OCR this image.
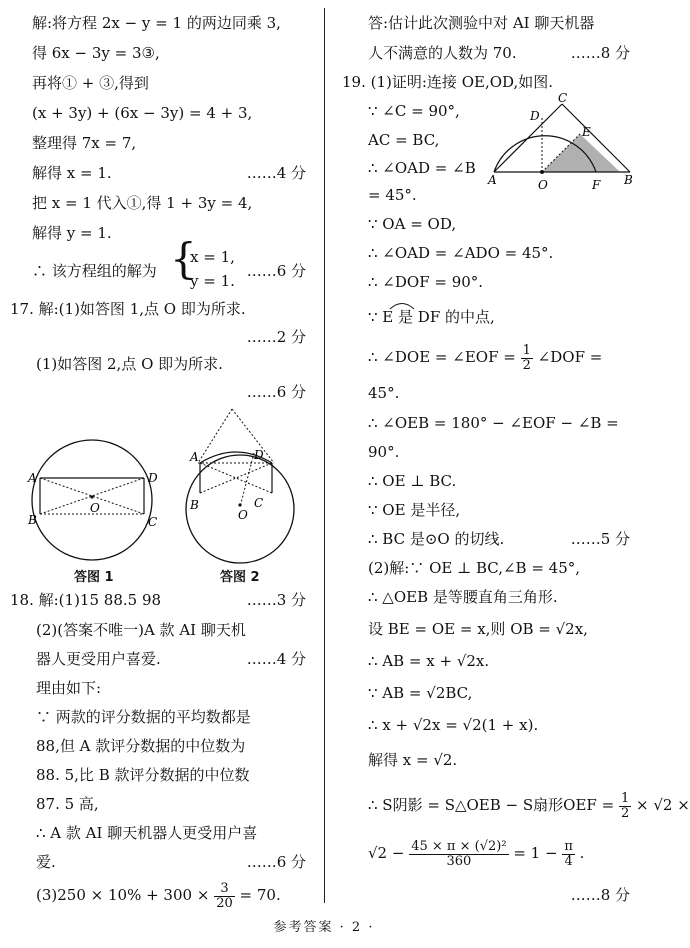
解:将方程 2x − y = 1 的两边同乘 3,
得 6x − 3y = 3③,
再将① + ③,得到
(x + 3y) + (6x − 3y) = 4 + 3,
整理得 7x = 7,
解得 x = 1.	……4 分
把 x = 1 代入①,得 1 + 3y = 4,
解得 y = 1.
∴ 该方程组的解为 {
x = 1,
y = 1.
……6 分
17. 解:(1)如答图 1,点 O 即为所求.
……2 分
(1)如答图 2,点 O 即为所求.
……6 分
A	D
B	C
O
答图 1
A	D
B	C
O
答图 2
18. 解:(1)15 88.5 98	……3 分
(2)(答案不唯一)A 款 AI 聊天机
器人更受用户喜爱.	……4 分
理由如下:
∵ 两款的评分数据的平均数都是
88,但 A 款评分数据的中位数为
88. 5,比 B 款评分数据的中位数
87. 5 高,
∴ A 款 AI 聊天机器人更受用户喜
爱.	……6 分
$(3)250 \times 10\% + 300 \times \frac{3}{20} = 70$.
答:估计此次测验中对 AI 聊天机器
人不满意的人数为 70.	……8 分
19. (1)证明:连接 OE,OD,如图.
A
C
D
E
O	F B
∵ ∠C = 90°,
AC = BC,
∴ ∠OAD = ∠B
= 45°.
∵ OA = OD,
∴ ∠OAD = ∠ADO = 45°.
∴ ∠DOF = 90°.
∵ E 是 DF 的中点,
∴ ∠DOE = ∠EOF = $\frac{1}{2}$ ∠DOF =
45°.
∴ ∠OEB = 180° − ∠EOF − ∠B =
90°.
∴ OE ⊥ BC.
∵ OE 是半径,
∴ BC 是⊙O 的切线.	……5 分
(2)解:∵ OE ⊥ BC,∠B = 45°,
∴ △OEB 是等腰直角三角形.
设 BE = OE = x,则 OB = √2x,
∴ AB = x + √2x.
∵ AB = √2BC,
∴ x + √2x = √2(1 + x).
解得 x = √2.
∴ S阴影 = S△OEB − S扇形OEF = $\frac{1}{2} \times √2$ ×
$√2 - \frac{\text{45 × π × (√2)²}}{360} = 1 - \frac{\pi}{4}$ .
……8 分
参考答案 · 2 ·
